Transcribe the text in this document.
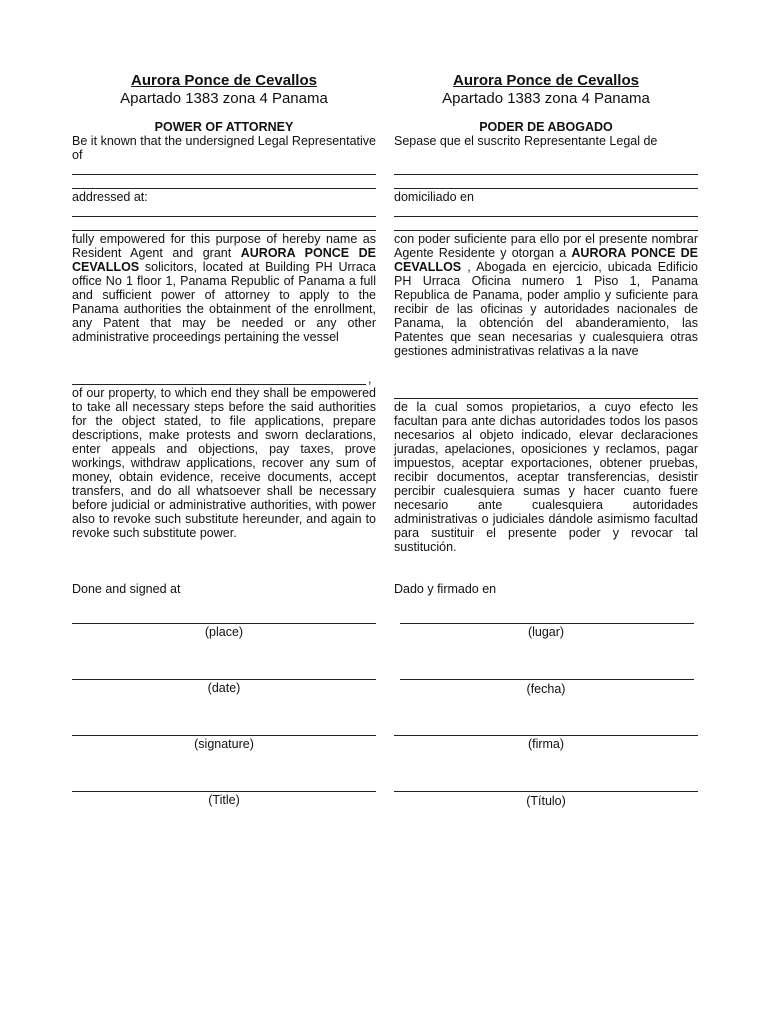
Aurora Ponce de Cevallos
Apartado 1383 zona 4 Panama
POWER OF ATTORNEY
Be it known that the undersigned Legal Representative of
addressed at:
fully empowered for this purpose of hereby name as Resident Agent and grant AURORA PONCE DE CEVALLOS solicitors, located at Building PH Urraca office No 1 floor 1, Panama Republic of Panama a full and sufficient power of attorney to apply to the Panama authorities the obtainment of the enrollment, any Patent that may be needed or any other administrative proceedings pertaining the vessel
,
of our property, to which end they shall be empowered to take all necessary steps before the said authorities for the object stated, to file applications, prepare descriptions, make protests and sworn declarations, enter appeals and objections, pay taxes, prove workings, withdraw applications, recover any sum of money, obtain evidence, receive documents, accept transfers, and do all whatsoever shall be necessary before judicial or administrative authorities, with power also to revoke such substitute hereunder, and again to revoke such substitute power.
Done and signed at
Aurora Ponce de Cevallos
Apartado 1383 zona 4 Panama
PODER DE ABOGADO
Sepase que el suscrito Representante Legal de
domiciliado en
con poder suficiente para ello por el presente nombrar Agente Residente y otorgan a AURORA PONCE DE CEVALLOS , Abogada en ejercicio, ubicada Edificio PH Urraca Oficina numero 1 Piso 1, Panama Republica de Panama, poder amplio y suficiente para recibir de las oficinas y autoridades nacionales de Panama, la obtención del abanderamiento, las Patentes que sean necesarias y cualesquiera otras gestiones administrativas relativas a la nave
de la cual somos propietarios, a cuyo efecto les facultan para ante dichas autoridades todos los pasos necesarios al objeto indicado, elevar declaraciones juradas, apelaciones, oposiciones y reclamos, pagar impuestos, aceptar exportaciones, obtener pruebas, recibir documentos, aceptar transferencias, desistir percibir cualesquiera sumas y hacer cuanto fuere necesario ante cualesquiera autoridades administrativas o judiciales dándole asimismo facultad para sustituir el presente poder y revocar tal sustitución.
Dado y firmado en
(place)	(lugar)
(date)	(fecha)
(signature)	(firma)
(Title)	(Título)
